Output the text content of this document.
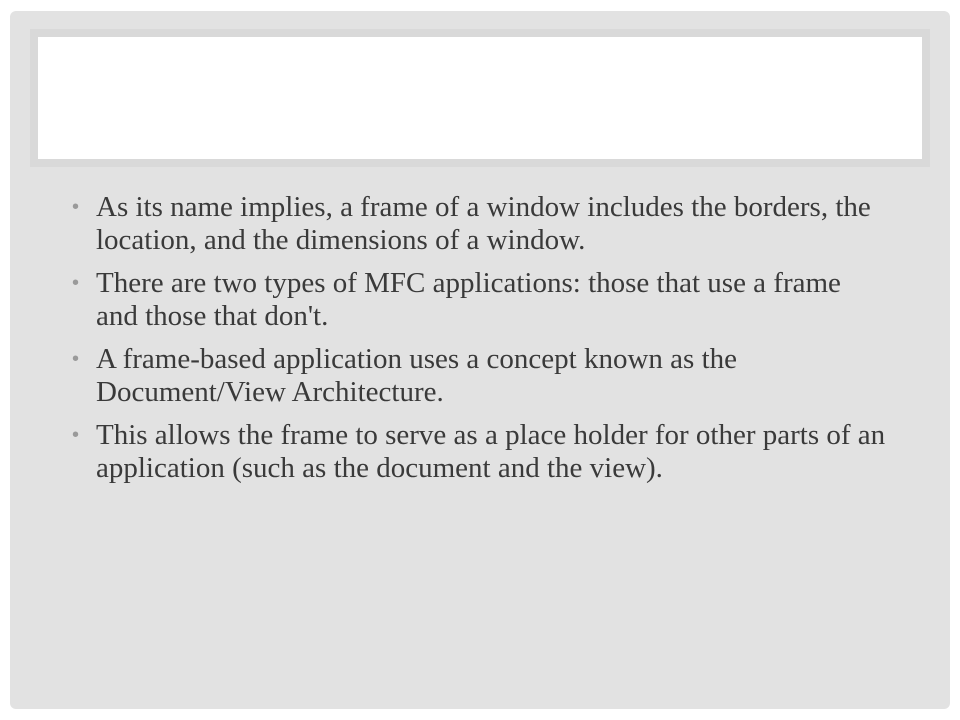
• As its name implies, a frame of a window includes the borders, the location, and the dimensions of a window.
• There are two types of MFC applications: those that use a frame and those that don't.
• A frame-based application uses a concept known as the Document/View Architecture.
• This allows the frame to serve as a place holder for other parts of an application (such as the document and the view).
